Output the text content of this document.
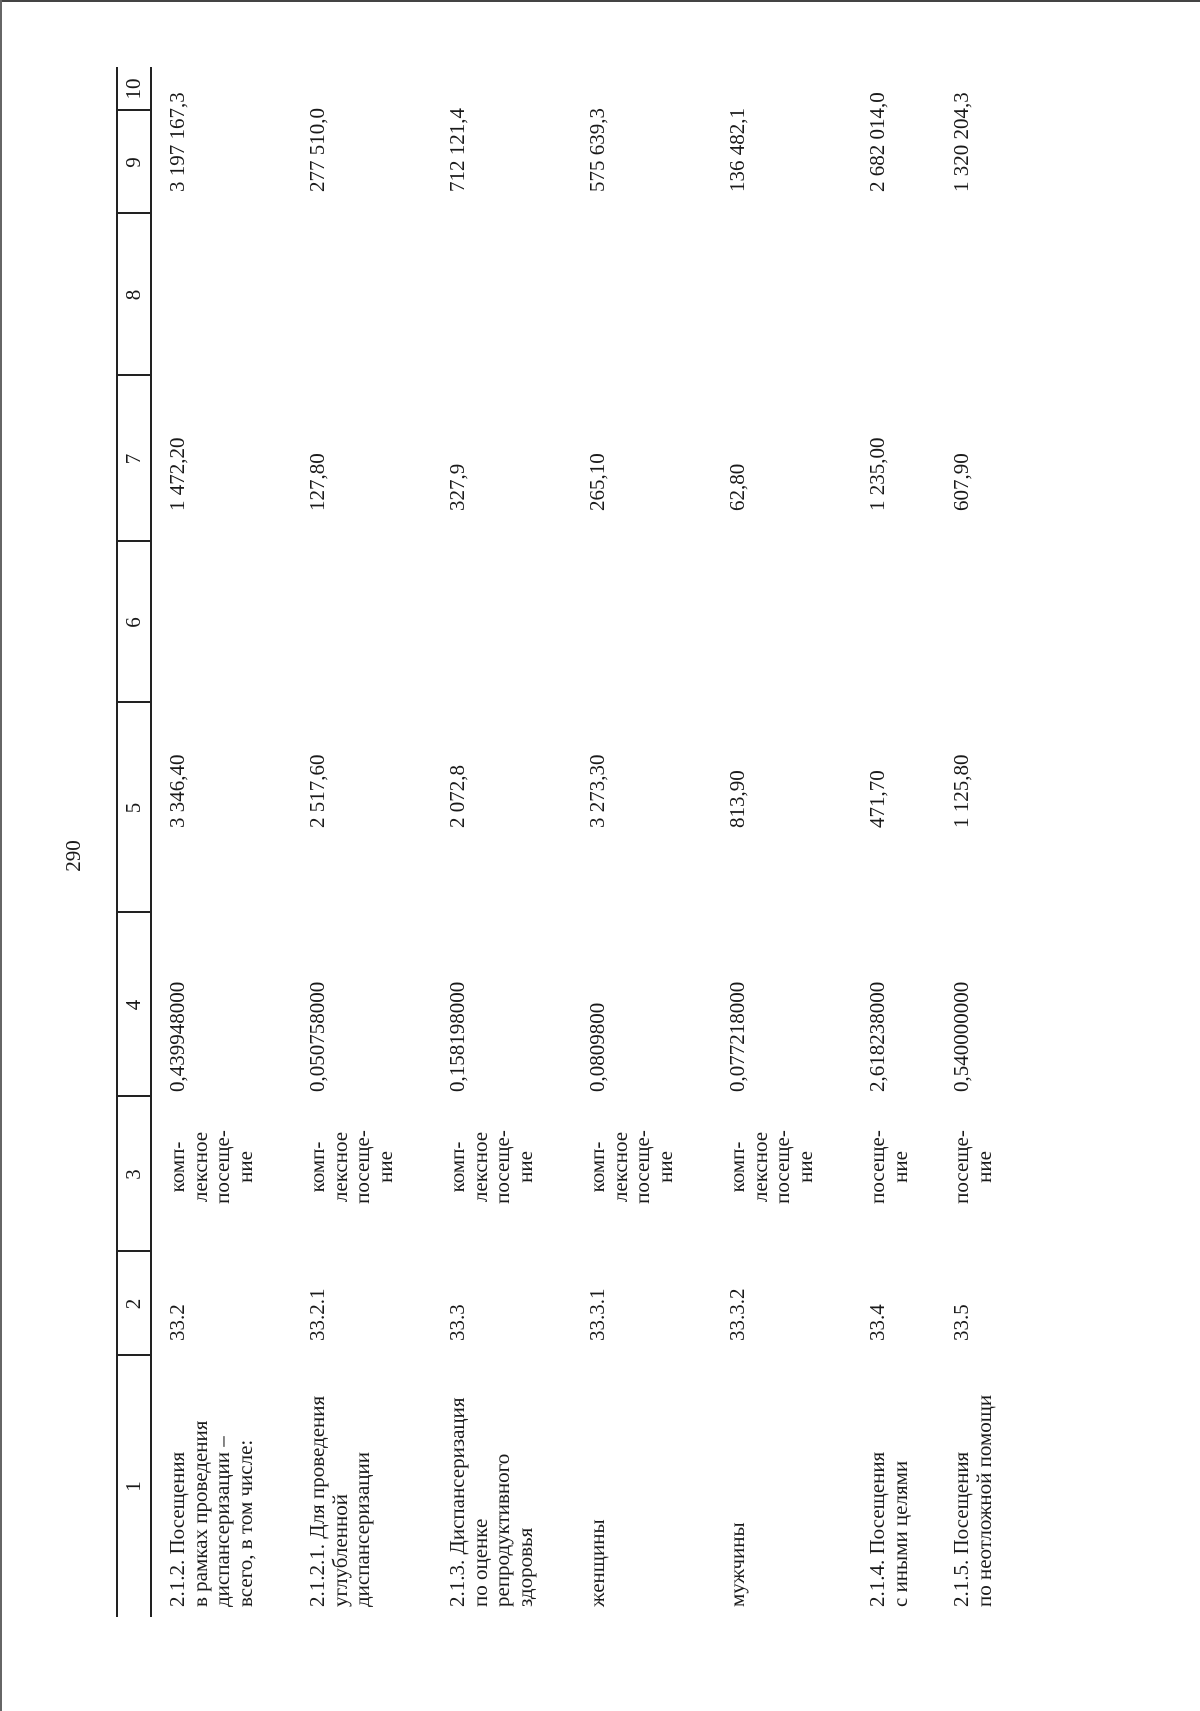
290
1
2
3
4
5
6
7
8
9
10
2.1.2. Посещения
в рамках проведения
диспансеризации –
всего, в том числе:
33.2
комп-
лексное
посеще-
ние
0,439948000
3 346,40
1 472,20
3 197 167,3
2.1.2.1. Для проведения
углубленной
диспансеризации
33.2.1
комп-
лексное
посеще-
ние
0,050758000
2 517,60
127,80
277 510,0
2.1.3. Диспансеризация
по оценке
репродуктивного
здоровья
33.3
комп-
лексное
посеще-
ние
0,158198000
2 072,8
327,9
712 121,4
женщины
33.3.1
комп-
лексное
посеще-
ние
0,0809800
3 273,30
265,10
575 639,3
мужчины
33.3.2
комп-
лексное
посеще-
ние
0,077218000
813,90
62,80
136 482,1
2.1.4. Посещения
с иными целями
33.4
посеще-
ние
2,618238000
471,70
1 235,00
2 682 014,0
2.1.5. Посещения
по неотложной помощи
33.5
посеще-
ние
0,540000000
1 125,80
607,90
1 320 204,3
